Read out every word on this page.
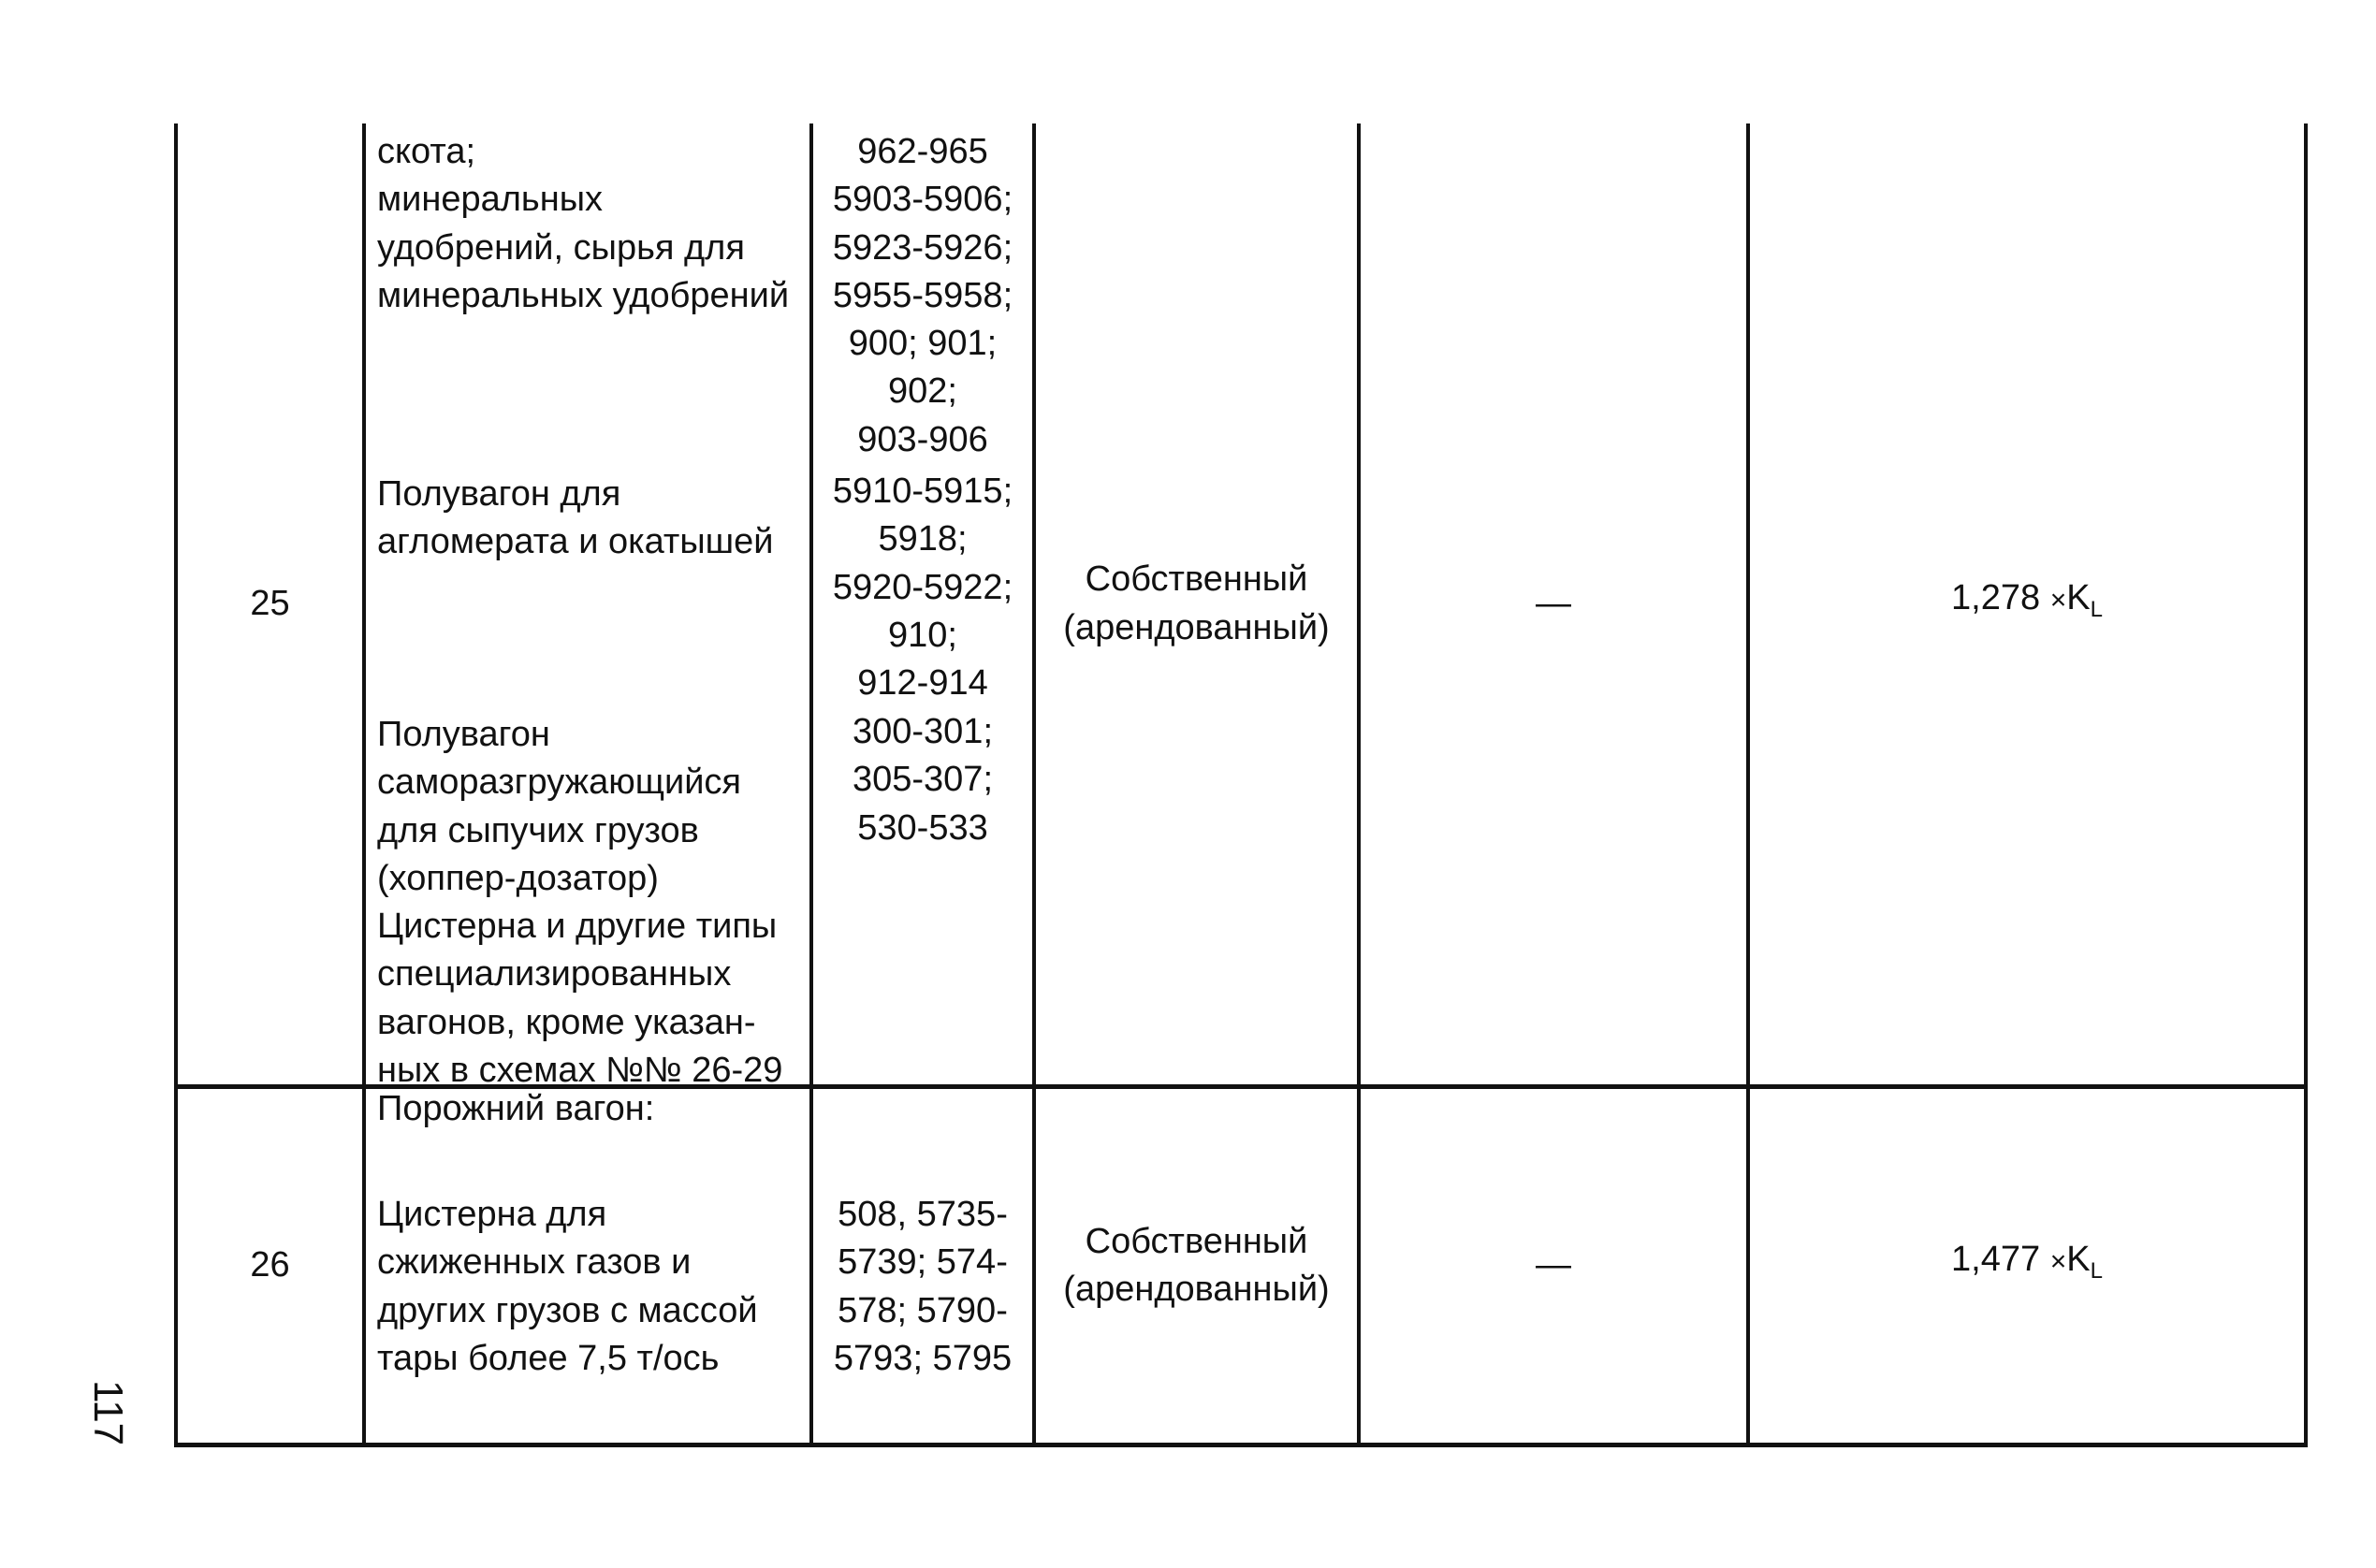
25
скота;
минеральных
удобрений, сырья для
минеральных удобрений
Полувагон для
агломерата и окатышей
Полувагон
саморазгружающийся
для сыпучих грузов
(хоппер-дозатор)
Цистерна и другие типы
специализированных
вагонов, кроме указан-
ных в схемах №№ 26-29
962-965
5903-5906;
5923-5926;
5955-5958;
900; 901;
902;
903-906
5910-5915;
5918;
5920-5922;
910;
912-914
300-301;
305-307;
530-533
Собственный
(арендованный)
—	$1,278 \times K_L$
26
Порожний вагон:
Цистерна для
сжиженных газов и
других грузов с массой
тары более 7,5 т/ось
508, 5735-
5739; 574-
578; 5790-
5793; 5795
Собственный
(арендованный)
—	$1,477 \times K_L$
117
